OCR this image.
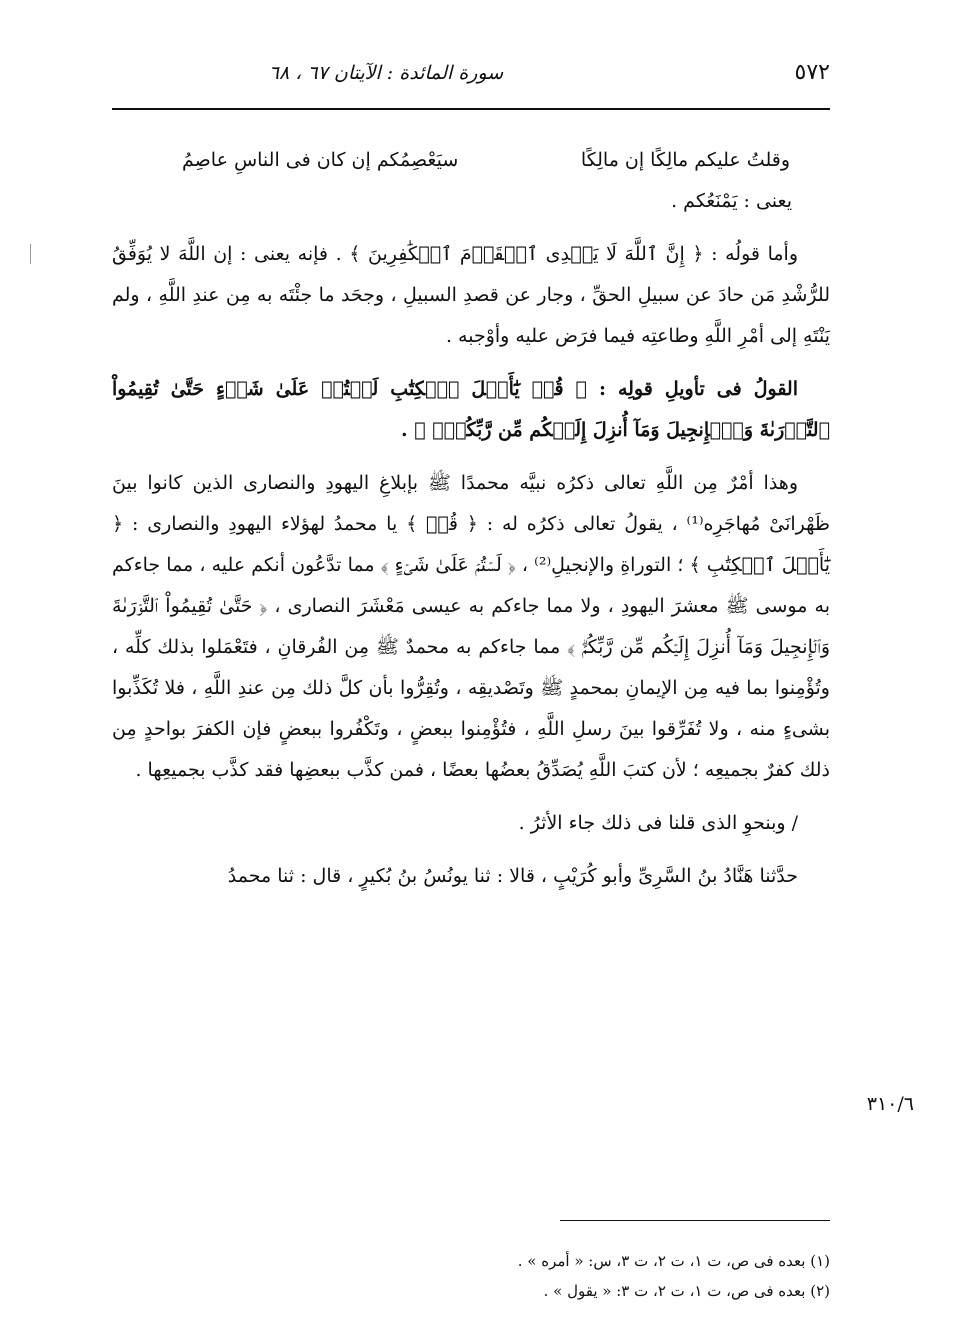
٥٧٢
سورة المائدة : الآيتان ٦٧ ، ٦٨
وقلتُ عليكم مالِكًا إن مالِكًا
سيَعْصِمُكم إن كان فى الناسِ عاصِمُ

يعنى : يَمْنَعُكم .

وأما قولُه : ﴿ إِنَّ ٱللَّهَ لَا يَهۡدِى ٱلۡقَوۡمَ ٱلۡكَٰفِرِينَ ﴾ . فإنه يعنى : إن اللَّهَ لا يُوَفِّقُ للرُّشْدِ مَن حادَ عن سبيلِ الحقِّ ، وجار عن قصدِ السبيلِ ، وجحَد ما جئْتَه به مِن عندِ اللَّهِ ، ولم يَنْتَهِ إلى أمْرِ اللَّهِ وطاعتِه فيما فرَض عليه وأوْجبه .

القولُ فى تأويلِ قولِه : ﴿ قُلۡ يَٰٓأَهۡلَ ٱلۡكِتَٰبِ لَسۡتُمۡ عَلَىٰ شَىۡءٍ حَتَّىٰ تُقِيمُواْ ٱلتَّوۡرَىٰةَ وَٱلۡإِنجِيلَ وَمَآ أُنزِلَ إِلَيۡكُم مِّن رَّبِّكُمۡۗ ﴾ .

وهذا أمْرٌ مِن اللَّهِ تعالى ذكرُه نبيَّه محمدًا ﷺ بإبلاغِ اليهودِ والنصارى الذين كانوا بينَ ظَهْرانَىْ مُهاجَرِه⁽¹⁾ ، يقولُ تعالى ذكرُه له : ﴿ قُلۡ ﴾ يا محمدُ لهؤلاء اليهودِ والنصارى : ﴿ يَٰٓأَهۡلَ ٱلۡكِتَٰبِ ﴾ ؛ التوراةِ والإنجيلِ⁽²⁾ ، ﴿ لَسۡتُمۡ عَلَىٰ شَىۡءٍ ﴾ مما تدَّعُون أنكم عليه ، مما جاءكم به موسى ﷺ معشرَ اليهودِ ، ولا مما جاءكم به عيسى مَعْشَرَ النصارى ، ﴿ حَتَّىٰ تُقِيمُواْ ٱلتَّوۡرَىٰةَ وَٱلۡإِنجِيلَ وَمَآ أُنزِلَ إِلَيۡكُم مِّن رَّبِّكُمۡۗ ﴾ مما جاءكم به محمدٌ ﷺ مِن الفُرقانِ ، فتَعْمَلوا بذلك كلِّه ، وتُؤْمِنوا بما فيه مِن الإيمانِ بمحمدٍ ﷺ وتَصْديقِه ، وتُقِرُّوا بأن كلَّ ذلك مِن عندِ اللَّهِ ، فلا تُكَذِّبوا بشىءٍ منه ، ولا تُفَرِّقوا بينَ رسلِ اللَّهِ ، فتُؤْمِنوا ببعضٍ ، وتَكْفُروا ببعضٍ فإن الكفرَ بواحدٍ مِن ذلك كفرٌ بجميعِه ؛ لأن كتبَ اللَّهِ يُصَدِّقُ بعضُها بعضًا ، فمن كذَّب ببعضِها فقد كذَّب بجميعِها .

/ وبنحوِ الذى قلنا فى ذلك جاء الأثرُ .

حدَّثنا هَنَّادُ بنُ السَّرِىِّ وأبو كُرَيْبٍ ، قالا : ثنا يونُسُ بنُ بُكيرٍ ، قال : ثنا محمدُ

٣١٠/٦

(١) بعده فى ص، ت ١، ت ٢، ت ٣، س: « أمره » .

(٢) بعده فى ص، ت ١، ت ٢، ت ٣: « يقول » .
